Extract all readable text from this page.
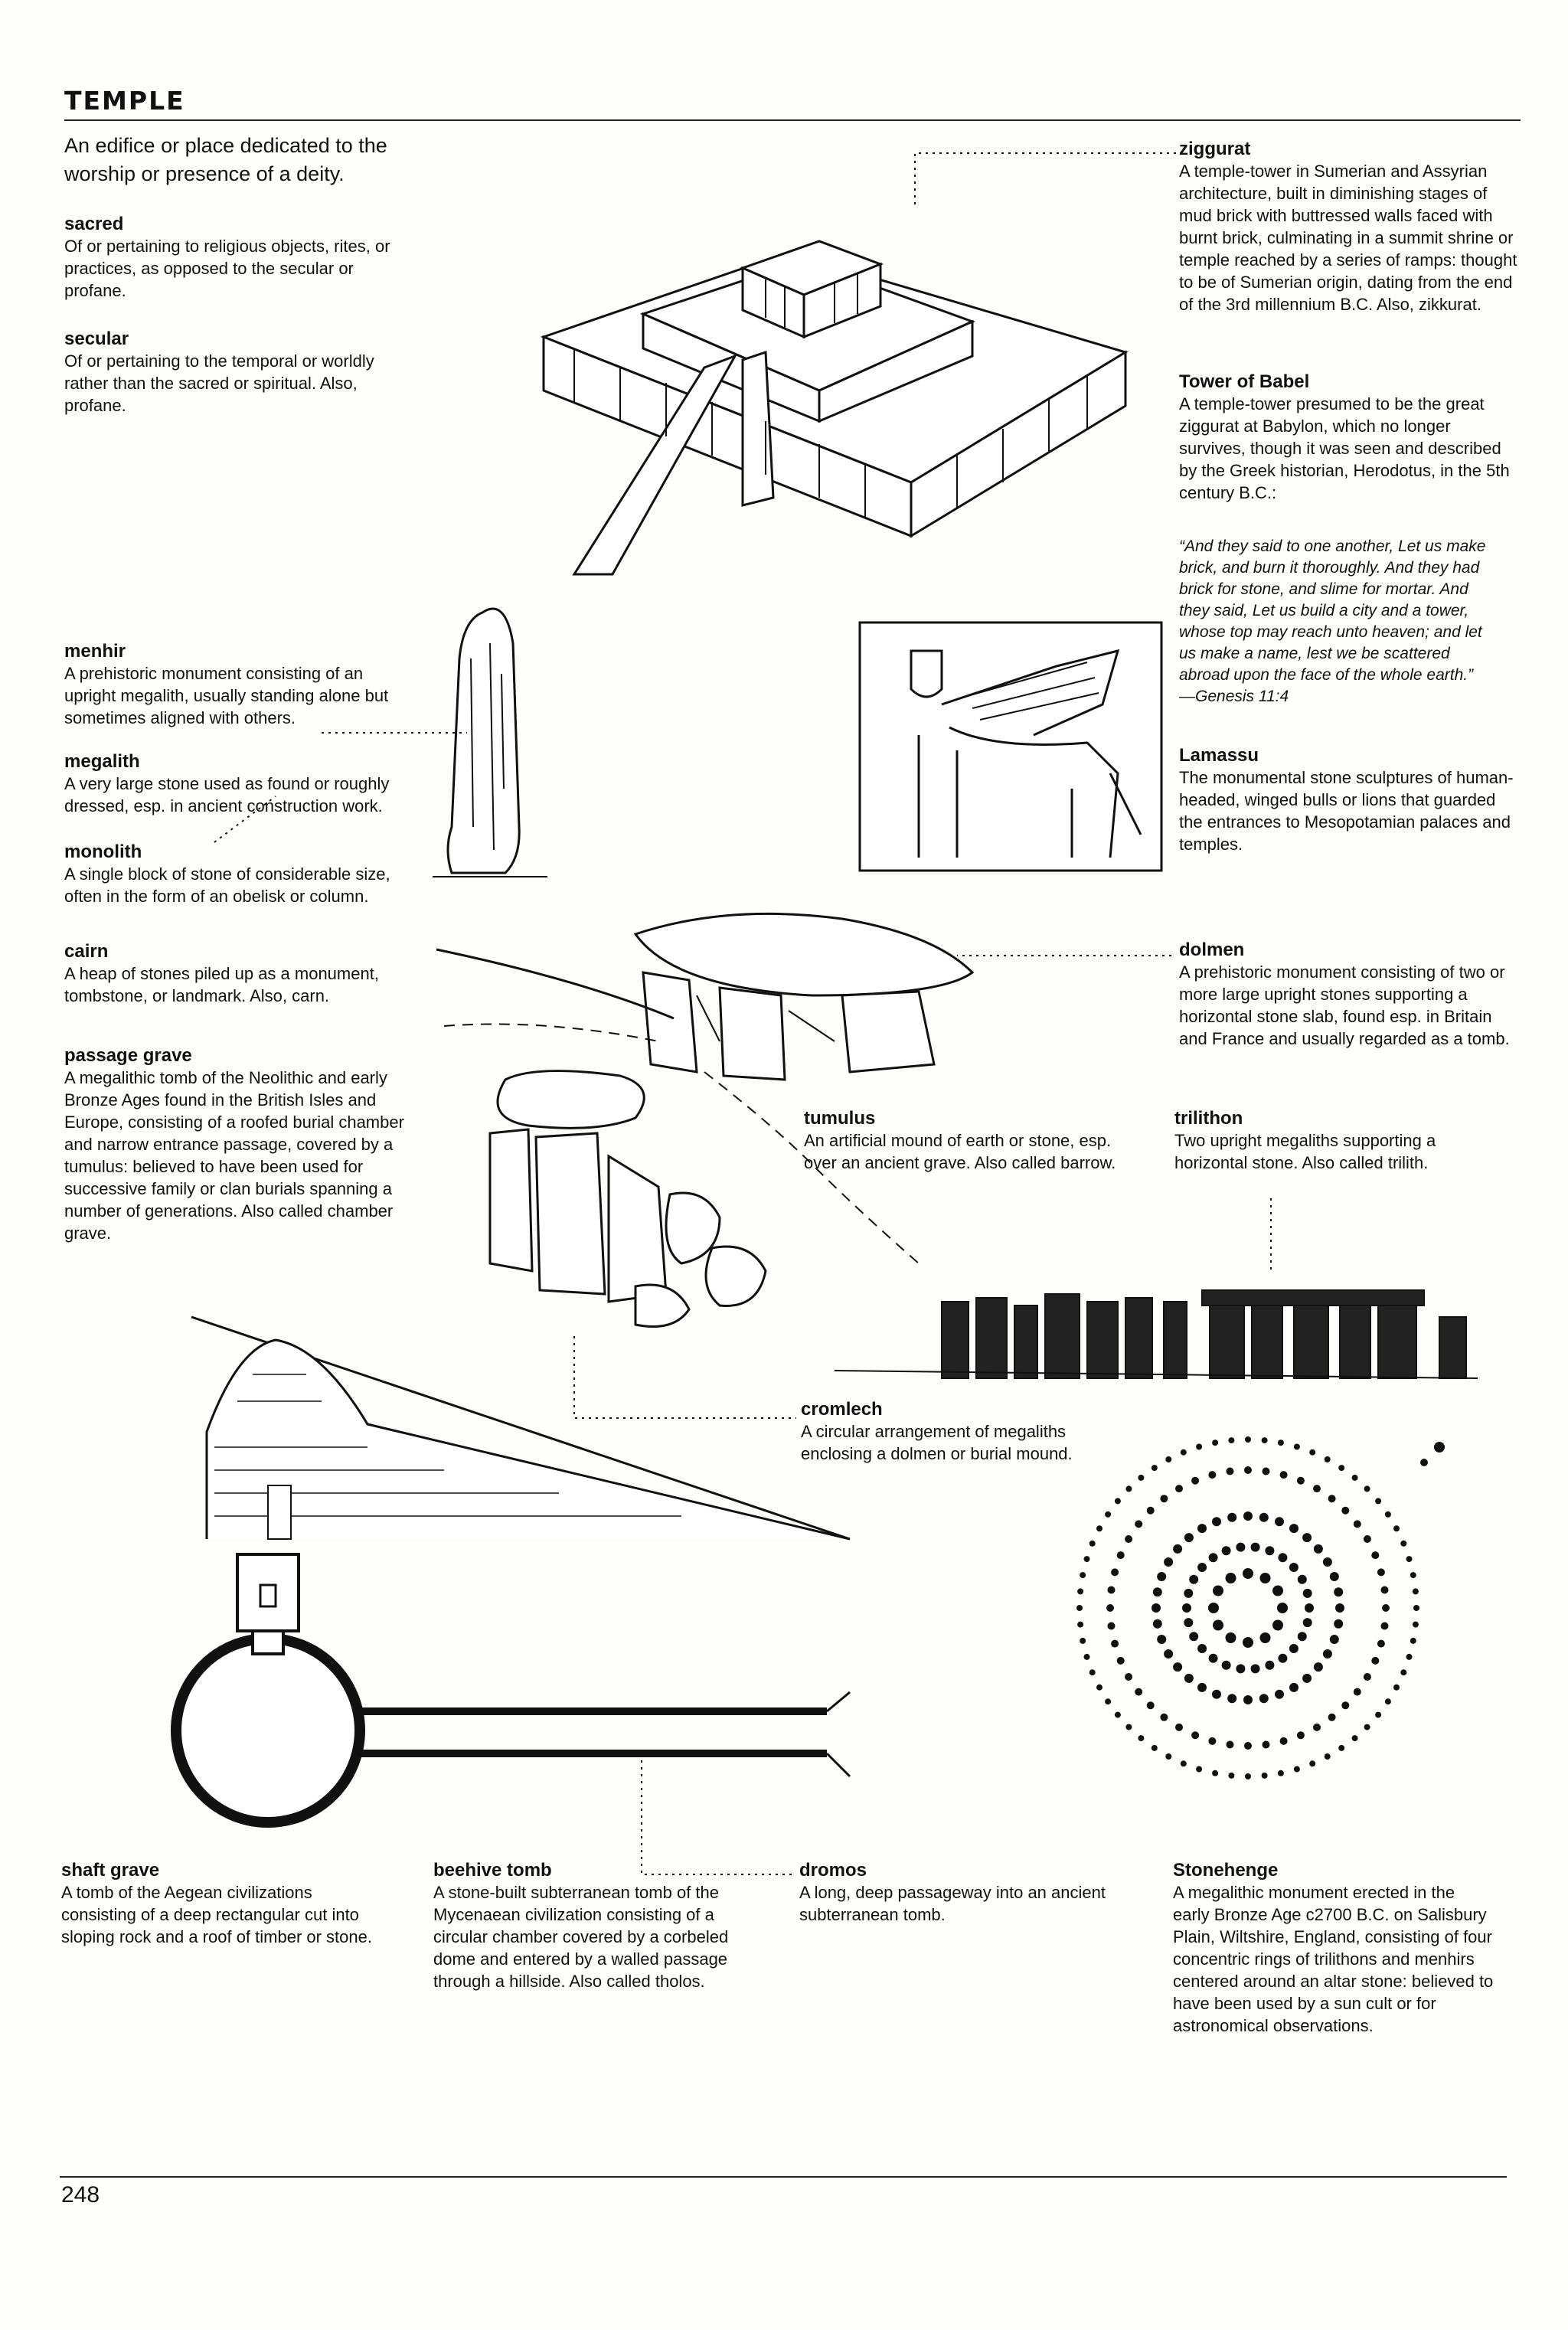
TEMPLE
An edifice or place dedicated to the worship or presence of a deity.
sacred
Of or pertaining to religious objects, rites, or practices, as opposed to the secular or profane.
secular
Of or pertaining to the temporal or worldly rather than the sacred or spiritual. Also, profane.
ziggurat
A temple-tower in Sumerian and Assyrian architecture, built in diminishing stages of mud brick with buttressed walls faced with burnt brick, culminating in a summit shrine or temple reached by a series of ramps: thought to be of Sumerian origin, dating from the end of the 3rd millennium B.C. Also, zikkurat.
Tower of Babel
A temple-tower presumed to be the great ziggurat at Babylon, which no longer survives, though it was seen and described by the Greek historian, Herodotus, in the 5th century B.C.:
“And they said to one another, Let us make brick, and burn it thoroughly. And they had brick for stone, and slime for mortar. And they said, Let us build a city and a tower, whose top may reach unto heaven; and let us make a name, lest we be scattered abroad upon the face of the whole earth.”
—Genesis 11:4
menhir
A prehistoric monument consisting of an upright megalith, usually standing alone but sometimes aligned with others.
megalith
A very large stone used as found or roughly dressed, esp. in ancient construction work.
monolith
A single block of stone of considerable size, often in the form of an obelisk or column.
Lamassu
The monumental stone sculptures of human-headed, winged bulls or lions that guarded the entrances to Mesopotamian palaces and temples.
cairn
A heap of stones piled up as a monument, tombstone, or landmark. Also, carn.
dolmen
A prehistoric monument consisting of two or more large upright stones supporting a horizontal stone slab, found esp. in Britain and France and usually regarded as a tomb.
passage grave
A megalithic tomb of the Neolithic and early Bronze Ages found in the British Isles and Europe, consisting of a roofed burial chamber and narrow entrance passage, covered by a tumulus: believed to have been used for successive family or clan burials spanning a number of generations. Also called chamber grave.
tumulus
An artificial mound of earth or stone, esp. over an ancient grave. Also called barrow.
trilithon
Two upright megaliths supporting a horizontal stone. Also called trilith.
cromlech
A circular arrangement of megaliths enclosing a dolmen or burial mound.
shaft grave
A tomb of the Aegean civilizations consisting of a deep rectangular cut into sloping rock and a roof of timber or stone.
beehive tomb
A stone-built subterranean tomb of the Mycenaean civilization consisting of a circular chamber covered by a corbeled dome and entered by a walled passage through a hillside. Also called tholos.
dromos
A long, deep passageway into an ancient subterranean tomb.
Stonehenge
A megalithic monument erected in the early Bronze Age c2700 B.C. on Salisbury Plain, Wiltshire, England, consisting of four concentric rings of trilithons and menhirs centered around an altar stone: believed to have been used by a sun cult or for astronomical observations.
248
